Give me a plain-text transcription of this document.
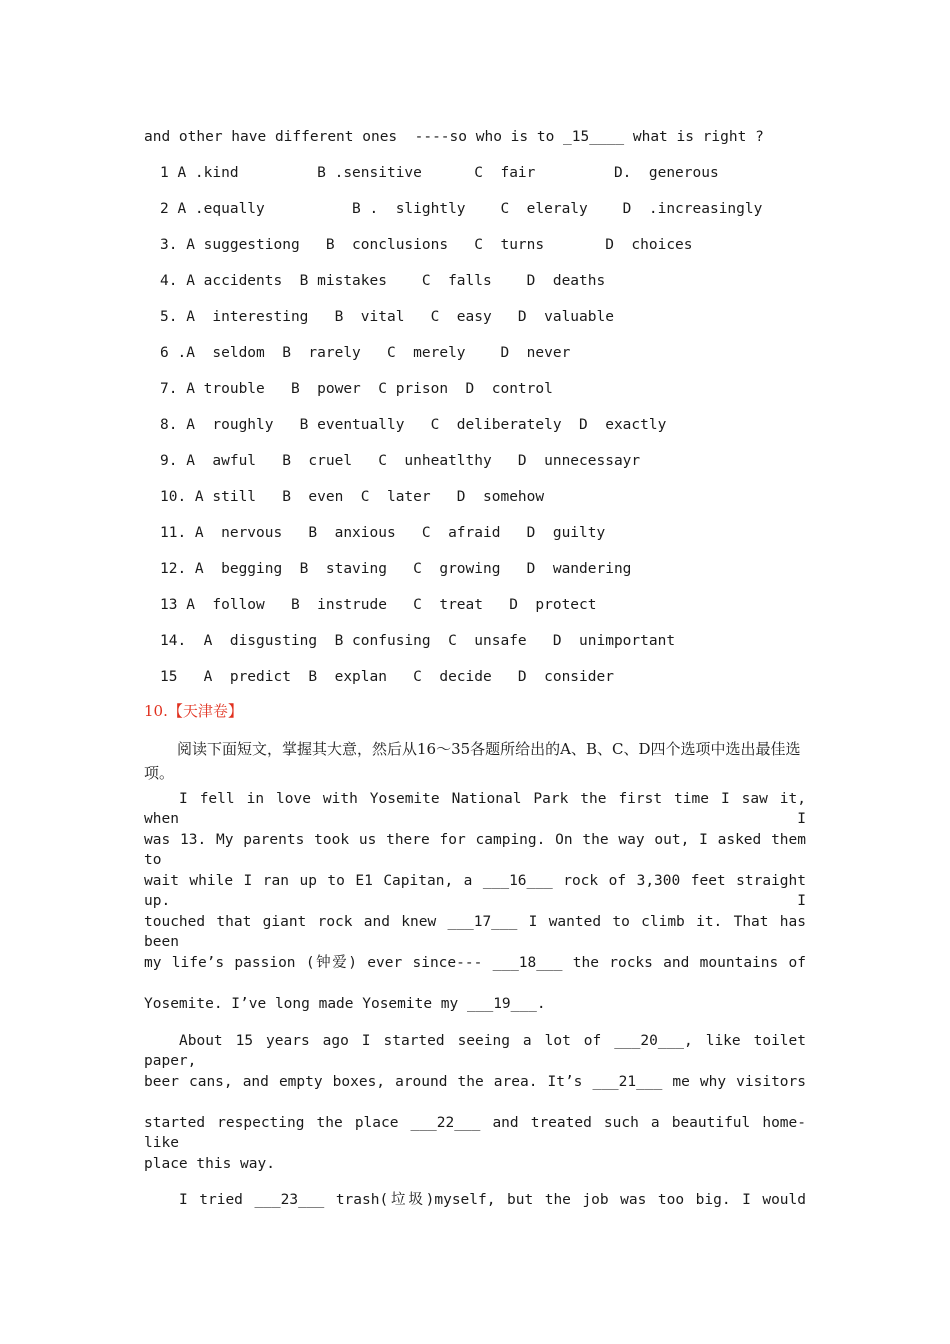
and other have different ones  ----so who is to _15____ what is right ?
1 A .kind         B .sensitive      C  fair         D.  generous
2 A .equally          B .  slightly    C  eleraly    D  .increasingly
3. A suggestiong   B  conclusions   C  turns       D  choices
4. A accidents  B mistakes    C  falls    D  deaths
5. A  interesting   B  vital   C  easy   D  valuable
6 .A  seldom  B  rarely   C  merely    D  never
7. A trouble   B  power  C prison  D  control
8. A  roughly   B eventually   C  deliberately  D  exactly
9. A  awful   B  cruel   C  unheatlthy   D  unnecessayr
10. A still   B  even  C  later   D  somehow
11. A  nervous   B  anxious   C  afraid   D  guilty
12. A  begging  B  staving   C  growing   D  wandering
13 A  follow   B  instrude   C  treat   D  protect
14.  A  disgusting  B confusing  C  unsafe   D  unimportant
15   A  predict  B  explan   C  decide   D  consider
10.【天津卷】
阅读下面短文，掌握其大意，然后从16～35各题所给出的A、B、C、D四个选项中选出最佳选项。
I fell in love with Yosemite National Park the first time I saw it, when I
was 13. My parents took us there for camping. On the way out, I asked them to
wait while I ran up to E1 Capitan, a ___16___ rock of 3,300 feet straight up. I
touched that giant rock and knew ___17___ I wanted to climb it. That has been
my life’s passion (钟爱) ever since--- ___18___ the rocks and mountains of
Yosemite. I’ve long made Yosemite my ___19___.
About 15 years ago I started seeing a lot of ___20___, like toilet paper,
beer cans, and empty boxes, around the area. It’s ___21___ me why visitors
started respecting the place ___22___ and treated such a beautiful home-like
place this way.
I tried ___23___ trash(垃圾)myself, but the job was too big. I would
